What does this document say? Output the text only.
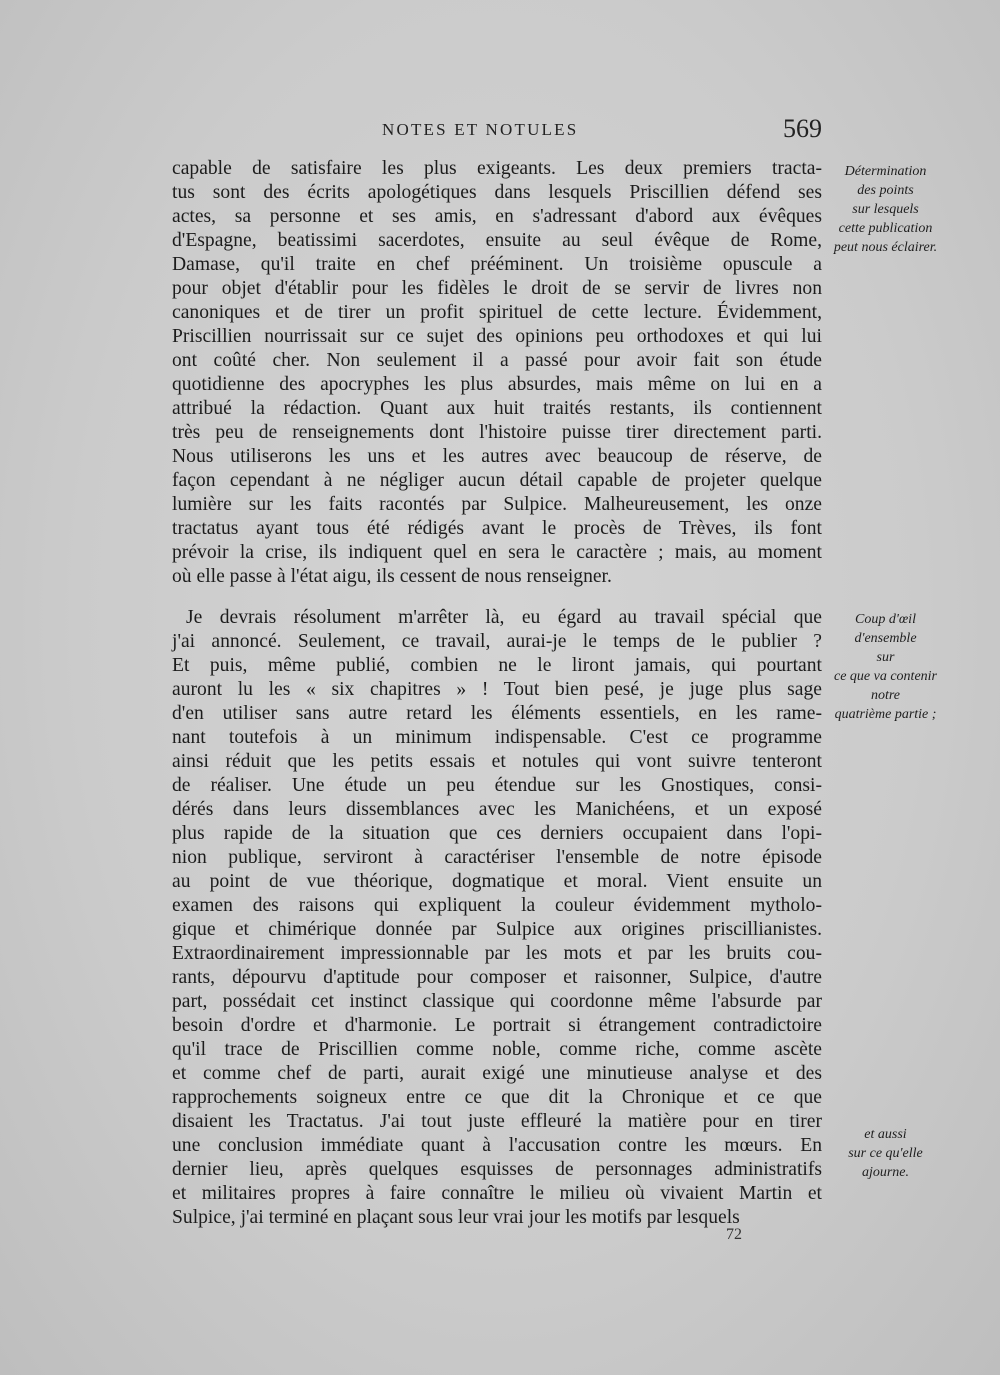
NOTES ET NOTULES	569
capable de satisfaire les plus exigeants. Les deux premiers tracta-
tus sont des écrits apologétiques dans lesquels Priscillien défend ses
actes, sa personne et ses amis, en s'adressant d'abord aux évêques
d'Espagne, beatissimi sacerdotes, ensuite au seul évêque de Rome,
Damase, qu'il traite en chef prééminent. Un troisième opuscule a
pour objet d'établir pour les fidèles le droit de se servir de livres non
canoniques et de tirer un profit spirituel de cette lecture. Évidemment,
Priscillien nourrissait sur ce sujet des opinions peu orthodoxes et qui lui
ont coûté cher. Non seulement il a passé pour avoir fait son étude
quotidienne des apocryphes les plus absurdes, mais même on lui en a
attribué la rédaction. Quant aux huit traités restants, ils contiennent
très peu de renseignements dont l'histoire puisse tirer directement parti.
Nous utiliserons les uns et les autres avec beaucoup de réserve, de
façon cependant à ne négliger aucun détail capable de projeter quelque
lumière sur les faits racontés par Sulpice. Malheureusement, les onze
tractatus ayant tous été rédigés avant le procès de Trèves, ils font
prévoir la crise, ils indiquent quel en sera le caractère ; mais, au moment
où elle passe à l'état aigu, ils cessent de nous renseigner.
Je devrais résolument m'arrêter là, eu égard au travail spécial que
j'ai annoncé. Seulement, ce travail, aurai-je le temps de le publier ?
Et puis, même publié, combien ne le liront jamais, qui pourtant
auront lu les « six chapitres » ! Tout bien pesé, je juge plus sage
d'en utiliser sans autre retard les éléments essentiels, en les rame-
nant toutefois à un minimum indispensable. C'est ce programme
ainsi réduit que les petits essais et notules qui vont suivre tenteront
de réaliser. Une étude un peu étendue sur les Gnostiques, consi-
dérés dans leurs dissemblances avec les Manichéens, et un exposé
plus rapide de la situation que ces derniers occupaient dans l'opi-
nion publique, serviront à caractériser l'ensemble de notre épisode
au point de vue théorique, dogmatique et moral. Vient ensuite un
examen des raisons qui expliquent la couleur évidemment mytholo-
gique et chimérique donnée par Sulpice aux origines priscillianistes.
Extraordinairement impressionnable par les mots et par les bruits cou-
rants, dépourvu d'aptitude pour composer et raisonner, Sulpice, d'autre
part, possédait cet instinct classique qui coordonne même l'absurde par
besoin d'ordre et d'harmonie. Le portrait si étrangement contradictoire
qu'il trace de Priscillien comme noble, comme riche, comme ascète
et comme chef de parti, aurait exigé une minutieuse analyse et des
rapprochements soigneux entre ce que dit la Chronique et ce que
disaient les Tractatus. J'ai tout juste effleuré la matière pour en tirer
une conclusion immédiate quant à l'accusation contre les mœurs. En
dernier lieu, après quelques esquisses de personnages administratifs
et militaires propres à faire connaître le milieu où vivaient Martin et
Sulpice, j'ai terminé en plaçant sous leur vrai jour les motifs par lesquels
Détermination
des points
sur lesquels
cette publication
peut nous éclairer.
Coup d'œil
d'ensemble
sur
ce que va contenir
notre
quatrième partie ;
et aussi
sur ce qu'elle
ajourne.
72
